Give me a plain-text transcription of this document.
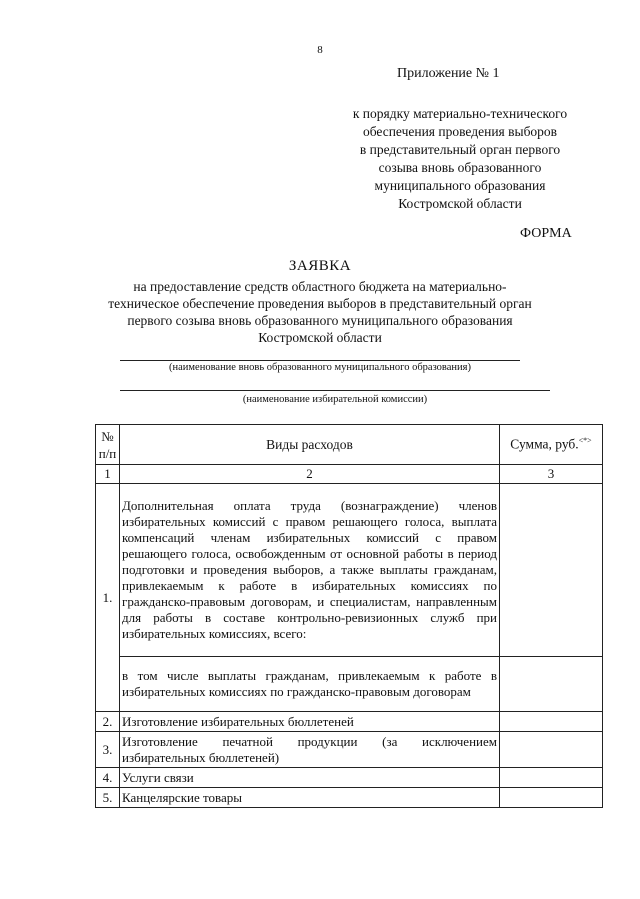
8
Приложение № 1
к порядку материально-технического
обеспечения проведения выборов
в представительный орган первого
созыва вновь образованного
муниципального образования
Костромской области
ФОРМА
ЗАЯВКА
на предоставление средств областного бюджета на материально-
техническое обеспечение проведения выборов в представительный орган
первого созыва вновь образованного муниципального образования
Костромской области
(наименование вновь образованного муниципального образования)
(наименование избирательной комиссии)
№ п/п	Виды расходов	Сумма, руб.<*>
1	2	3
1.	Дополнительная оплата труда (вознаграждение) членов избирательных комиссий с правом решающего голоса, выплата компенсаций членам избирательных комиссий с правом решающего голоса, освобожденным от основной работы в период подготовки и проведения выборов, а также выплаты гражданам, привлекаемым к работе в избирательных комиссиях по гражданско-правовым договорам, и специалистам, направленным для работы в составе контрольно-ревизионных служб при избирательных комиссиях, всего:	
	в том числе выплаты гражданам, привлекаемым к работе в избирательных комиссиях по гражданско-правовым договорам	
2.	Изготовление избирательных бюллетеней	
3.	Изготовление печатной продукции (за исключением избирательных бюллетеней)	
4.	Услуги связи	
5.	Канцелярские товары	
